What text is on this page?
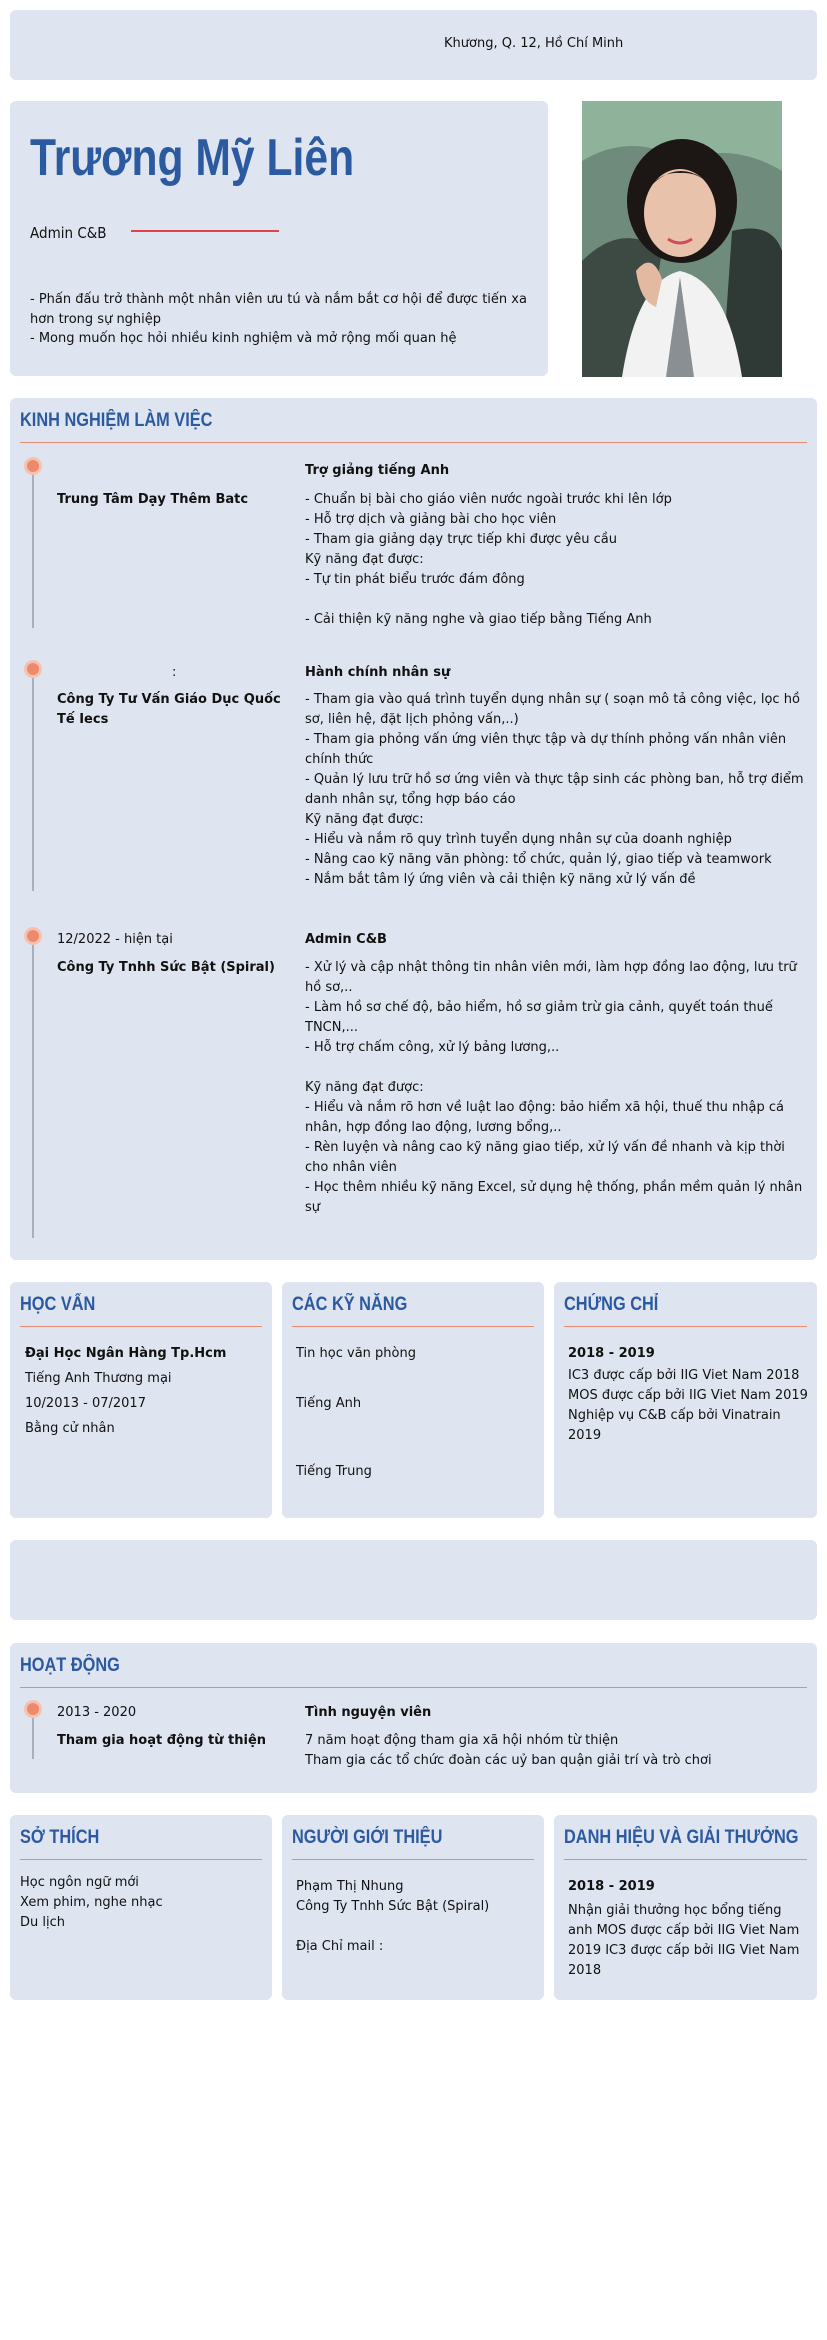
Khương, Q. 12, Hồ Chí Minh
Trương Mỹ Liên
Admin C&B
- Phấn đấu trở thành một nhân viên ưu tú và nắm bắt cơ hội để được tiến xa hơn trong sự nghiệp
- Mong muốn học hỏi nhiều kinh nghiệm và mở rộng mối quan hệ
KINH NGHIỆM LÀM VIỆC
Trung Tâm Dạy Thêm Batc
Trợ giảng tiếng Anh
- Chuẩn bị bài cho giáo viên nước ngoài trước khi lên lớp
- Hỗ trợ dịch và giảng bài cho học viên
- Tham gia giảng dạy trực tiếp khi được yêu cầu
Kỹ năng đạt được:
- Tự tin phát biểu trước đám đông
- Cải thiện kỹ năng nghe và giao tiếp bằng Tiếng Anh
:
Công Ty Tư Vấn Giáo Dục Quốc Tế Iecs
Hành chính nhân sự
- Tham gia vào quá trình tuyển dụng nhân sự ( soạn mô tả công việc, lọc hồ sơ, liên hệ, đặt lịch phỏng vấn,..)
- Tham gia phỏng vấn ứng viên thực tập và dự thính phỏng vấn nhân viên chính thức
- Quản lý lưu trữ hồ sơ ứng viên và thực tập sinh các phòng ban, hỗ trợ điểm danh nhân sự, tổng hợp báo cáo
Kỹ năng đạt được:
- Hiểu và nắm rõ quy trình tuyển dụng nhân sự của doanh nghiệp
- Nâng cao kỹ năng văn phòng: tổ chức, quản lý, giao tiếp và teamwork
- Nắm bắt tâm lý ứng viên và cải thiện kỹ năng xử lý vấn đề
12/2022 - hiện tại
Công Ty Tnhh Sức Bật (Spiral)
Admin C&B
- Xử lý và cập nhật thông tin nhân viên mới, làm hợp đồng lao động, lưu trữ hồ sơ,..
- Làm hồ sơ chế độ, bảo hiểm, hồ sơ giảm trừ gia cảnh, quyết toán thuế TNCN,...
- Hỗ trợ chấm công, xử lý bảng lương,..
Kỹ năng đạt được:
- Hiểu và nắm rõ hơn về luật lao động: bảo hiểm xã hội, thuế thu nhập cá nhân, hợp đồng lao động, lương bổng,..
- Rèn luyện và nâng cao kỹ năng giao tiếp, xử lý vấn đề nhanh và kịp thời cho nhân viên
- Học thêm nhiều kỹ năng Excel, sử dụng hệ thống, phần mềm quản lý nhân sự
HỌC VẤN
Đại Học Ngân Hàng Tp.Hcm
Tiếng Anh Thương mại
10/2013 - 07/2017
Bằng cử nhân
CÁC KỸ NĂNG
Tin học văn phòng
Tiếng Anh
Tiếng Trung
CHỨNG CHỈ
2018 - 2019
IC3 được cấp bởi IIG Viet Nam 2018
MOS được cấp bởi IIG Viet Nam 2019
Nghiệp vụ C&B cấp bởi Vinatrain 2019
HOẠT ĐỘNG
2013 - 2020
Tham gia hoạt động từ thiện
Tình nguyện viên
7 năm hoạt động tham gia xã hội nhóm từ thiện
Tham gia các tổ chức đoàn các uỷ ban quận giải trí và trò chơi
SỞ THÍCH
Học ngôn ngữ mới
Xem phim, nghe nhạc
Du lịch
NGƯỜI GIỚI THIỆU
Phạm Thị Nhung
Công Ty Tnhh Sức Bật (Spiral)
Địa Chỉ mail :
DANH HIỆU VÀ GIẢI THƯỞNG
2018 - 2019
Nhận giải thưởng học bổng tiếng anh MOS được cấp bởi IIG Viet Nam 2019 IC3 được cấp bởi IIG Viet Nam 2018
